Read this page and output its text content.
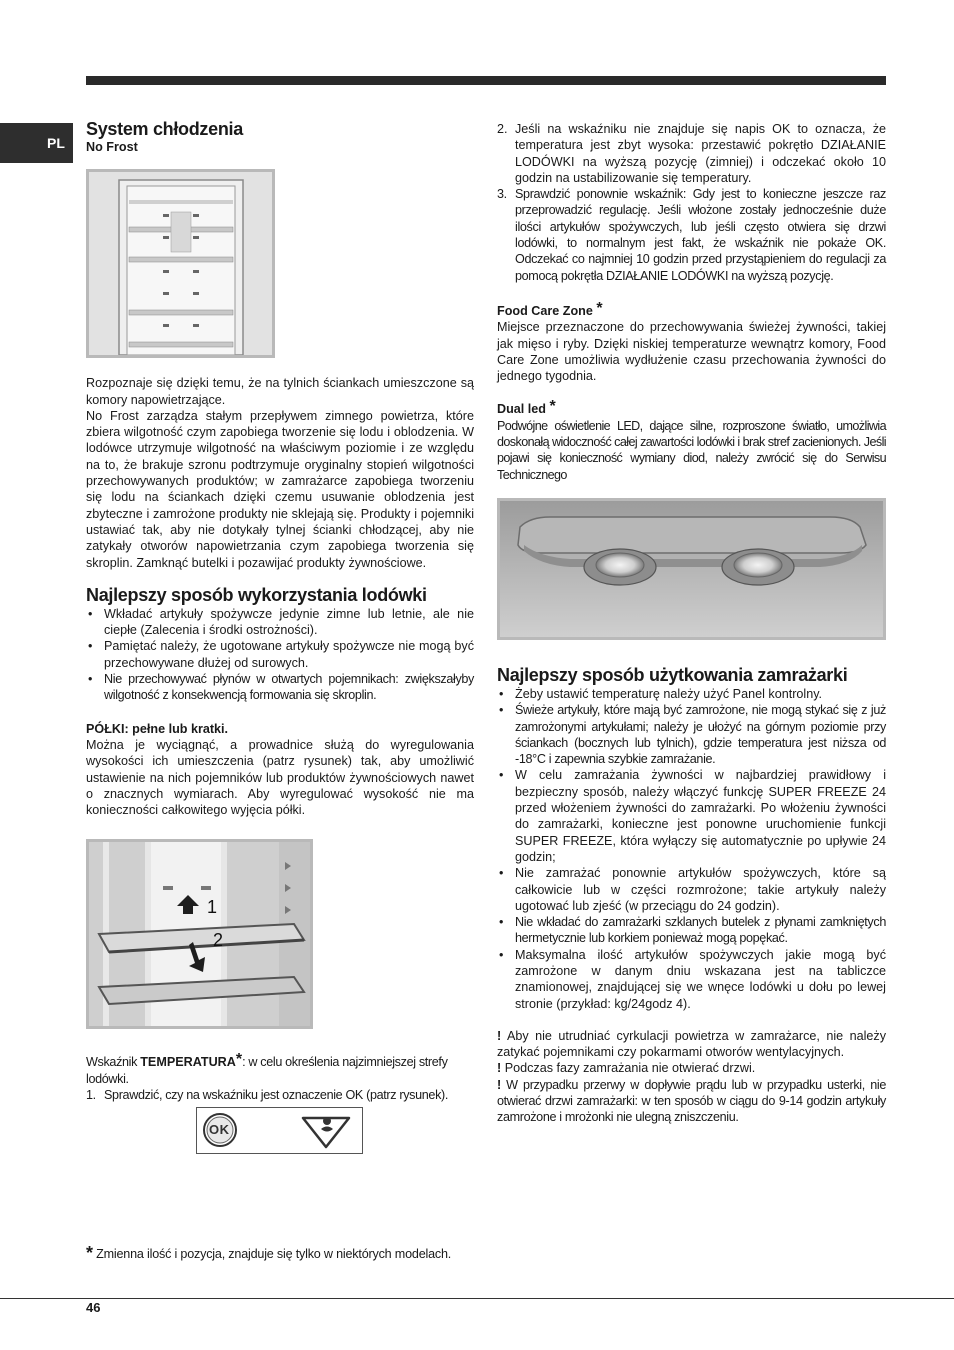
PL
System chłodzenia
No Frost

Rozpoznaje się dzięki temu, że na tylnich ściankach umieszczone są komory napowietrzające.

No Frost zarządza stałym przepływem zimnego powietrza, które zbiera wilgotność czym zapobiega tworzenie się lodu i oblodzenia. W lodówce utrzymuje wilgotność na właściwym poziomie i ze względu na to, że brakuje szronu podtrzymuje oryginalny stopień wilgotności przechowywanych produktów; w zamrażarce zapobiega tworzeniu się lodu na ściankach dzięki czemu usuwanie oblodzenia jest zbyteczne i zamrożone produkty nie sklejają się. Produkty i pojemniki ustawiać tak, aby nie dotykały tylnej ścianki chłodzącej, aby nie zatykały otworów napowietrzania czym zapobiega tworzenia się skroplin. Zamknąć butelki i pozawijać produkty żywnościowe.

Najlepszy sposób wykorzystania lodówki
• Wkładać artykuły spożywcze jedynie zimne lub letnie, ale nie ciepłe (Zalecenia i środki ostrożności).
• Pamiętać należy, że ugotowane artykuły spożywcze nie mogą być przechowywane dłużej od surowych.
• Nie przechowywać płynów w otwartych pojemnikach: zwiększałyby wilgotność z konsekwencją formowania się skroplin.
PÓŁKI: pełne lub kratki.

Można je wyciągnąć, a prowadnice służą do wyregulowania wysokości ich umieszczenia (patrz rysunek) tak, aby umożliwić ustawienie na nich pojemników lub produktów żywnościowych nawet o znacznych wymiarach. Aby wyregulować wysokość nie ma konieczności całkowitego wyjęcia półki.

1
2

Wskaźnik TEMPERATURA*: w celu określenia najzimniejszej strefy lodówki.

1. Sprawdzić, czy na wskaźniku jest oznaczenie OK (patrz rysunek).
OK
2. Jeśli na wskaźniku nie znajduje się napis OK to oznacza, że temperatura jest zbyt wysoka: przestawić pokrętło DZIAŁANIE LODÓWKI na wyższą pozycję (zimniej) i odczekać około 10 godzin na ustabilizowanie się temperatury.
3. Sprawdzić ponownie wskaźnik: Gdy jest to konieczne jeszcze raz przeprowadzić regulację. Jeśli włożone zostały jednocześnie duże ilości artykułów spożywczych, lub jeśli często otwiera się drzwi lodówki, to normalnym jest fakt, że wskaźnik nie pokaże OK. Odczekać co najmniej 10 godzin przed przystąpieniem do regulacji za pomocą pokrętła DZIAŁANIE LODÓWKI na wyższą pozycję.
Food Care Zone *

Miejsce przeznaczone do przechowywania świeżej żywności, takiej jak mięso i ryby. Dzięki niskiej temperaturze wewnątrz komory, Food Care Zone umożliwia wydłużenie czasu przechowania żywności do jednego tygodnia.

Dual led *

Podwójne oświetlenie LED, dające silne, rozproszone światło, umożliwia doskonałą widoczność całej zawartości lodówki i brak stref zacienionych. Jeśli pojawi się konieczność wymiany diod, należy zwrócić się do Serwisu Technicznego

Najlepszy sposób użytkowania zamrażarki
• Żeby ustawić temperaturę należy użyć Panel kontrolny.
• Świeże artykuły, które mają być zamrożone, nie mogą stykać się z już zamrożonymi artykułami; należy je ułożyć na górnym poziomie przy ściankach (bocznych lub tylnich), gdzie temperatura jest niższa od -18°C i zapewnia szybkie zamrażanie.
• W celu zamrażania żywności w najbardziej prawidłowy i bezpieczny sposób, należy włączyć funkcję SUPER FREEZE 24 przed włożeniem żywności do zamrażarki. Po włożeniu żywności do zamrażarki, konieczne jest ponowne uruchomienie funkcji SUPER FREEZE, która wyłączy się automatycznie po upływie 24 godzin;
• Nie zamrażać ponownie artykułów spożywczych, które są całkowicie lub w części rozmrożone; takie artykuły należy ugotować lub zjeść (w przeciągu do 24 godzin).
• Nie wkładać do zamrażarki szklanych butelek z płynami zamkniętych hermetycznie lub korkiem ponieważ mogą popękać.
• Maksymalna ilość artykułów spożywczych jakie mogą być zamrożone w danym dniu wskazana jest na tabliczce znamionowej, znajdującej się we wnęce lodówki u dołu po lewej stronie (przykład: kg/24godz 4).

! Aby nie utrudniać cyrkulacji powietrza w zamrażarce, nie należy zatykać pojemnikami czy pokarmami otworów wentylacyjnych.

! Podczas fazy zamrażania nie otwierać drzwi.

! W przypadku przerwy w dopływie prądu lub w przypadku usterki, nie otwierać drzwi zamrażarki: w ten sposób w ciągu do 9-14 godzin artykuły zamrożone i mrożonki nie ulegną zniszczeniu.

* Zmienna ilość i pozycja, znajduje się tylko w niektórych modelach.
46
